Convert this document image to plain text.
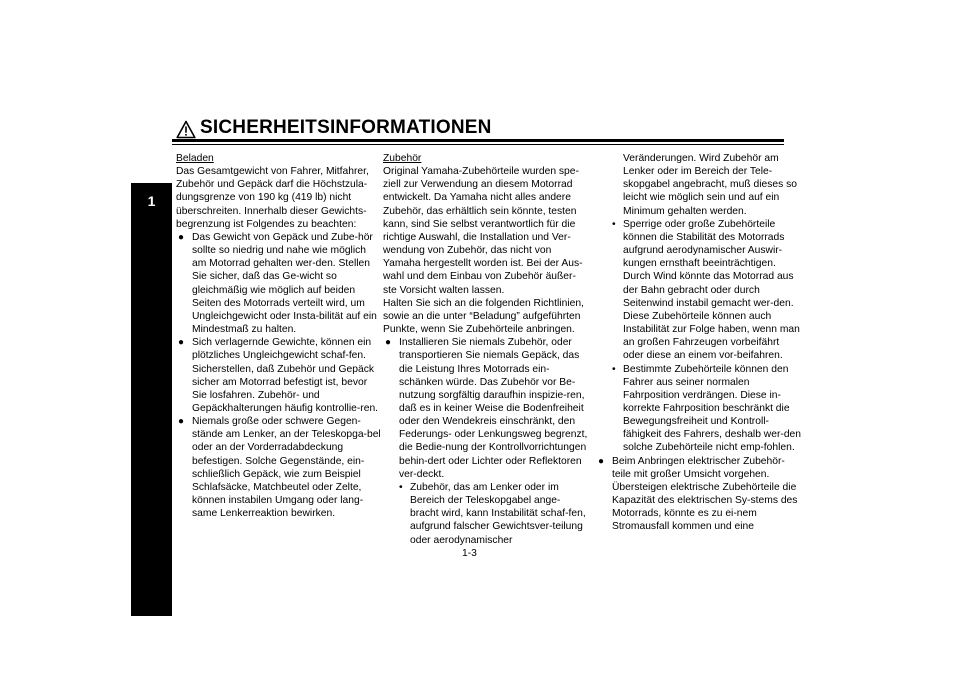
1
SICHERHEITSINFORMATIONEN

Beladen

Das Gesamtgewicht von Fahrer, Mitfahrer, Zubehör und Gepäck darf die Höchstzula-dungsgrenze von 190 kg (419 lb) nicht überschreiten. Innerhalb dieser Gewichts-begrenzung ist Folgendes zu beachten:

● Das Gewicht von Gepäck und Zube-hör sollte so niedrig und nahe wie möglich am Motorrad gehalten wer-den. Stellen Sie sicher, daß das Ge-wicht so gleichmäßig wie möglich auf beiden Seiten des Motorrads verteilt wird, um Ungleichgewicht oder Insta-bilität auf ein Mindestmaß zu halten.

● Sich verlagernde Gewichte, können ein plötzliches Ungleichgewicht schaf-fen. Sicherstellen, daß Zubehör und Gepäck sicher am Motorrad befestigt ist, bevor Sie losfahren. Zubehör- und Gepäckhalterungen häufig kontrollie-ren.

● Niemals große oder schwere Gegen-stände am Lenker, an der Teleskopga-bel oder an der Vorderradabdeckung befestigen. Solche Gegenstände, ein-schließlich Gepäck, wie zum Beispiel Schlafsäcke, Matchbeutel oder Zelte, können instabilen Umgang oder lang-same Lenkerreaktion bewirken.

Zubehör

Original Yamaha-Zubehörteile wurden spe-ziell zur Verwendung an diesem Motorrad entwickelt. Da Yamaha nicht alles andere Zubehör, das erhältlich sein könnte, testen kann, sind Sie selbst verantwortlich für die richtige Auswahl, die Installation und Ver-wendung von Zubehör, das nicht von Yamaha hergestellt worden ist. Bei der Aus-wahl und dem Einbau von Zubehör äußer-ste Vorsicht walten lassen.

Halten Sie sich an die folgenden Richtlinien, sowie an die unter “Beladung” aufgeführten Punkte, wenn Sie Zubehörteile anbringen.

● Installieren Sie niemals Zubehör, oder transportieren Sie niemals Gepäck, das die Leistung Ihres Motorrads ein-schänken würde. Das Zubehör vor Be-nutzung sorgfältig daraufhin inspizie-ren, daß es in keiner Weise die Bodenfreiheit oder den Wendekreis einschränkt, den Federungs- oder Lenkungsweg begrenzt, die Bedie-nung der Kontrollvorrichtungen behin-dert oder Lichter oder Reflektoren ver-deckt.

• Zubehör, das am Lenker oder im Bereich der Teleskopgabel ange-bracht wird, kann Instabilität schaf-fen, aufgrund falscher Gewichtsver-teilung oder aerodynamischer

Veränderungen. Wird Zubehör am Lenker oder im Bereich der Tele-skopgabel angebracht, muß dieses so leicht wie möglich sein und auf ein Minimum gehalten werden.

• Sperrige oder große Zubehörteile können die Stabilität des Motorrads aufgrund aerodynamischer Auswir-kungen ernsthaft beeinträchtigen. Durch Wind könnte das Motorrad aus der Bahn gebracht oder durch Seitenwind instabil gemacht wer-den. Diese Zubehörteile können auch Instabilität zur Folge haben, wenn man an großen Fahrzeugen vorbeifährt oder diese an einem vor-beifahren.

• Bestimmte Zubehörteile können den Fahrer aus seiner normalen Fahrposition verdrängen. Diese in-korrekte Fahrposition beschränkt die Bewegungsfreiheit und Kontroll-fähigkeit des Fahrers, deshalb wer-den solche Zubehörteile nicht emp-fohlen.

● Beim Anbringen elektrischer Zubehör-teile mit großer Umsicht vorgehen. Übersteigen elektrische Zubehörteile die Kapazität des elektrischen Sy-stems des Motorrads, könnte es zu ei-nem Stromausfall kommen und eine

1-3
